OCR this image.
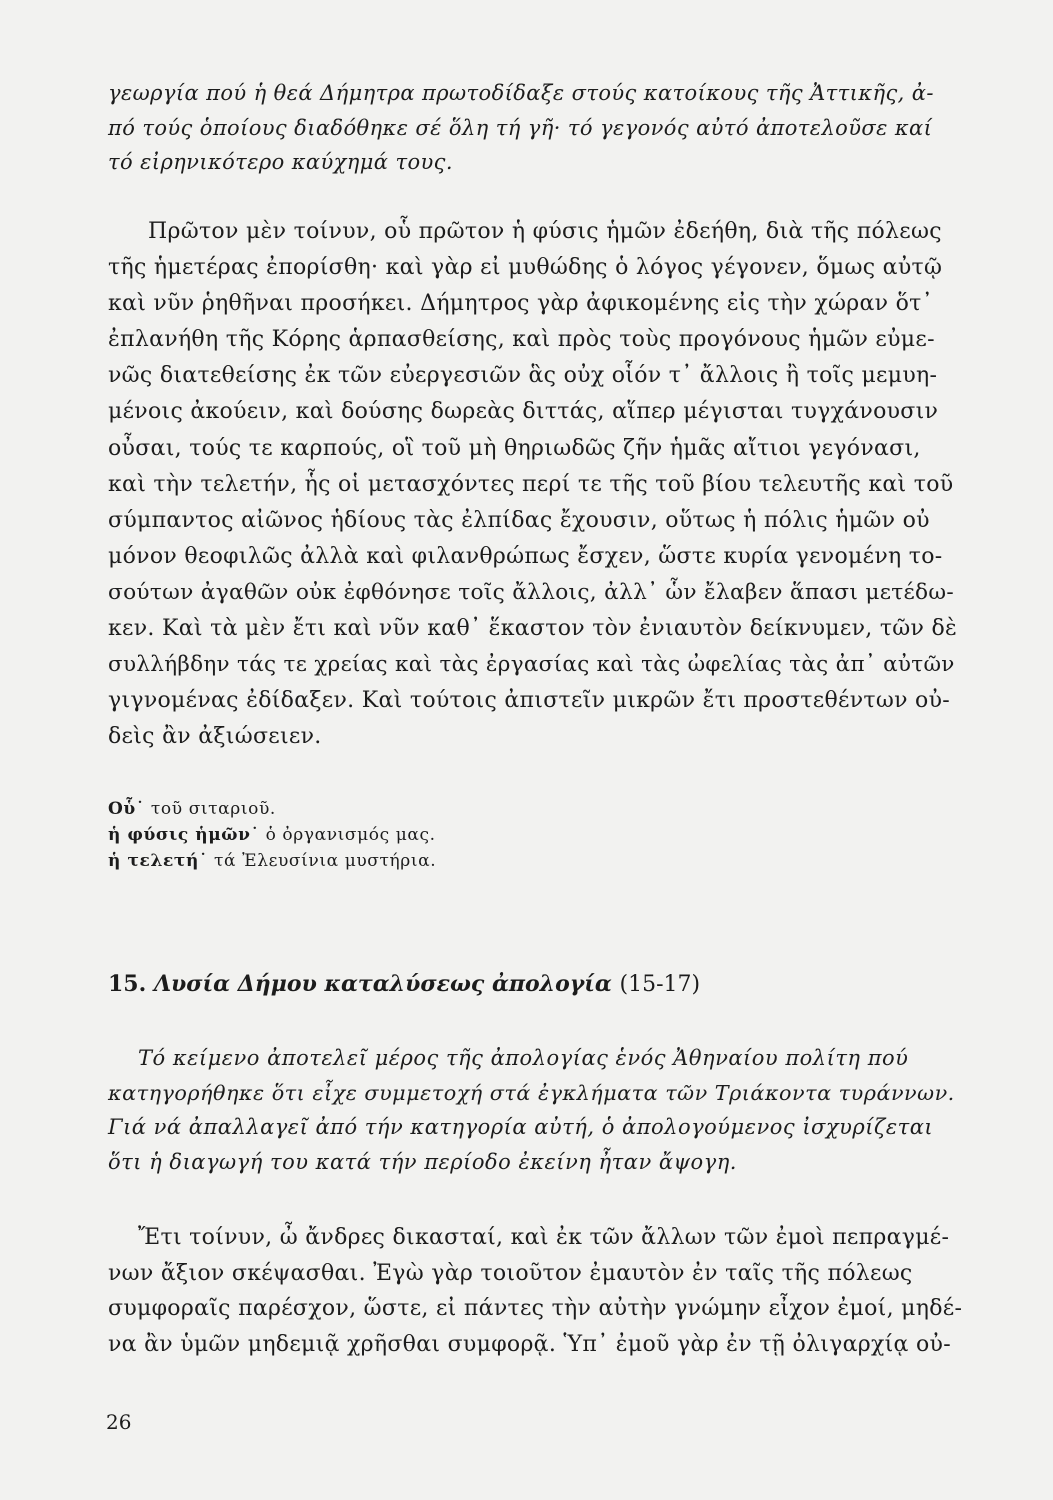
γεωργία πού ἡ θεά Δήμητρα πρωτοδίδαξε στούς κατοίκους τῆς Ἀττικῆς, ἀ-
πό τούς ὁποίους διαδόθηκε σέ ὅλη τή γῆ· τό γεγονός αὐτό ἀποτελοῦσε καί
τό εἰρηνικότερο καύχημά τους.
Πρῶτον μὲν τοίνυν, οὗ πρῶτον ἡ φύσις ἡμῶν ἐδεήθη, διὰ τῆς πόλεως
τῆς ἡμετέρας ἐπορίσθη· καὶ γὰρ εἰ μυθώδης ὁ λόγος γέγονεν, ὅμως αὐτῷ
καὶ νῦν ῥηθῆναι προσήκει. Δήμητρος γὰρ ἀφικομένης εἰς τὴν χώραν ὅτ᾽
ἐπλανήθη τῆς Κόρης ἁρπασθείσης, καὶ πρὸς τοὺς προγόνους ἡμῶν εὐμε-
νῶς διατεθείσης ἐκ τῶν εὐεργεσιῶν ἃς οὐχ οἷόν τ᾽ ἄλλοις ἢ τοῖς μεμυη-
μένοις ἀκούειν, καὶ δούσης δωρεὰς διττάς, αἵπερ μέγισται τυγχάνουσιν
οὖσαι, τούς τε καρπούς, οἳ τοῦ μὴ θηριωδῶς ζῆν ἡμᾶς αἴτιοι γεγόνασι,
καὶ τὴν τελετήν, ἧς οἱ μετασχόντες περί τε τῆς τοῦ βίου τελευτῆς καὶ τοῦ
σύμπαντος αἰῶνος ἡδίους τὰς ἐλπίδας ἔχουσιν, οὕτως ἡ πόλις ἡμῶν οὐ
μόνον θεοφιλῶς ἀλλὰ καὶ φιλανθρώπως ἔσχεν, ὥστε κυρία γενομένη το-
σούτων ἀγαθῶν οὐκ ἐφθόνησε τοῖς ἄλλοις, ἀλλ᾽ ὧν ἔλαβεν ἅπασι μετέδω-
κεν. Καὶ τὰ μὲν ἔτι καὶ νῦν καθ᾽ ἕκαστον τὸν ἐνιαυτὸν δείκνυμεν, τῶν δὲ
συλλήβδην τάς τε χρείας καὶ τὰς ἐργασίας καὶ τὰς ὠφελίας τὰς ἀπ᾽ αὐτῶν
γιγνομένας ἐδίδαξεν. Καὶ τούτοις ἀπιστεῖν μικρῶν ἔτι προστεθέντων οὐ-
δεὶς ἂν ἀξιώσειεν.
Οὗ˙ τοῦ σιταριοῦ.
ἡ φύσις ἡμῶν˙ ὁ ὀργανισμός μας.
ἡ τελετή˙ τά Ἐλευσίνια μυστήρια.
15. Λυσία Δήμου καταλύσεως ἀπολογία (15-17)
Τό κείμενο ἀποτελεῖ μέρος τῆς ἀπολογίας ἑνός Ἀθηναίου πολίτη πού
κατηγορήθηκε ὅτι εἶχε συμμετοχή στά ἐγκλήματα τῶν Τριάκοντα τυράννων.
Γιά νά ἀπαλλαγεῖ ἀπό τήν κατηγορία αὐτή, ὁ ἀπολογούμενος ἰσχυρίζεται
ὅτι ἡ διαγωγή του κατά τήν περίοδο ἐκείνη ἦταν ἄψογη.
Ἔτι τοίνυν, ὦ ἄνδρες δικασταί, καὶ ἐκ τῶν ἄλλων τῶν ἐμοὶ πεπραγμέ-
νων ἄξιον σκέψασθαι. Ἐγὼ γὰρ τοιοῦτον ἐμαυτὸν ἐν ταῖς τῆς πόλεως
συμφοραῖς παρέσχον, ὥστε, εἰ πάντες τὴν αὐτὴν γνώμην εἶχον ἐμοί, μηδέ-
να ἂν ὑμῶν μηδεμιᾷ χρῆσθαι συμφορᾷ. Ὑπ᾽ ἐμοῦ γὰρ ἐν τῇ ὀλιγαρχίᾳ οὐ-
26
